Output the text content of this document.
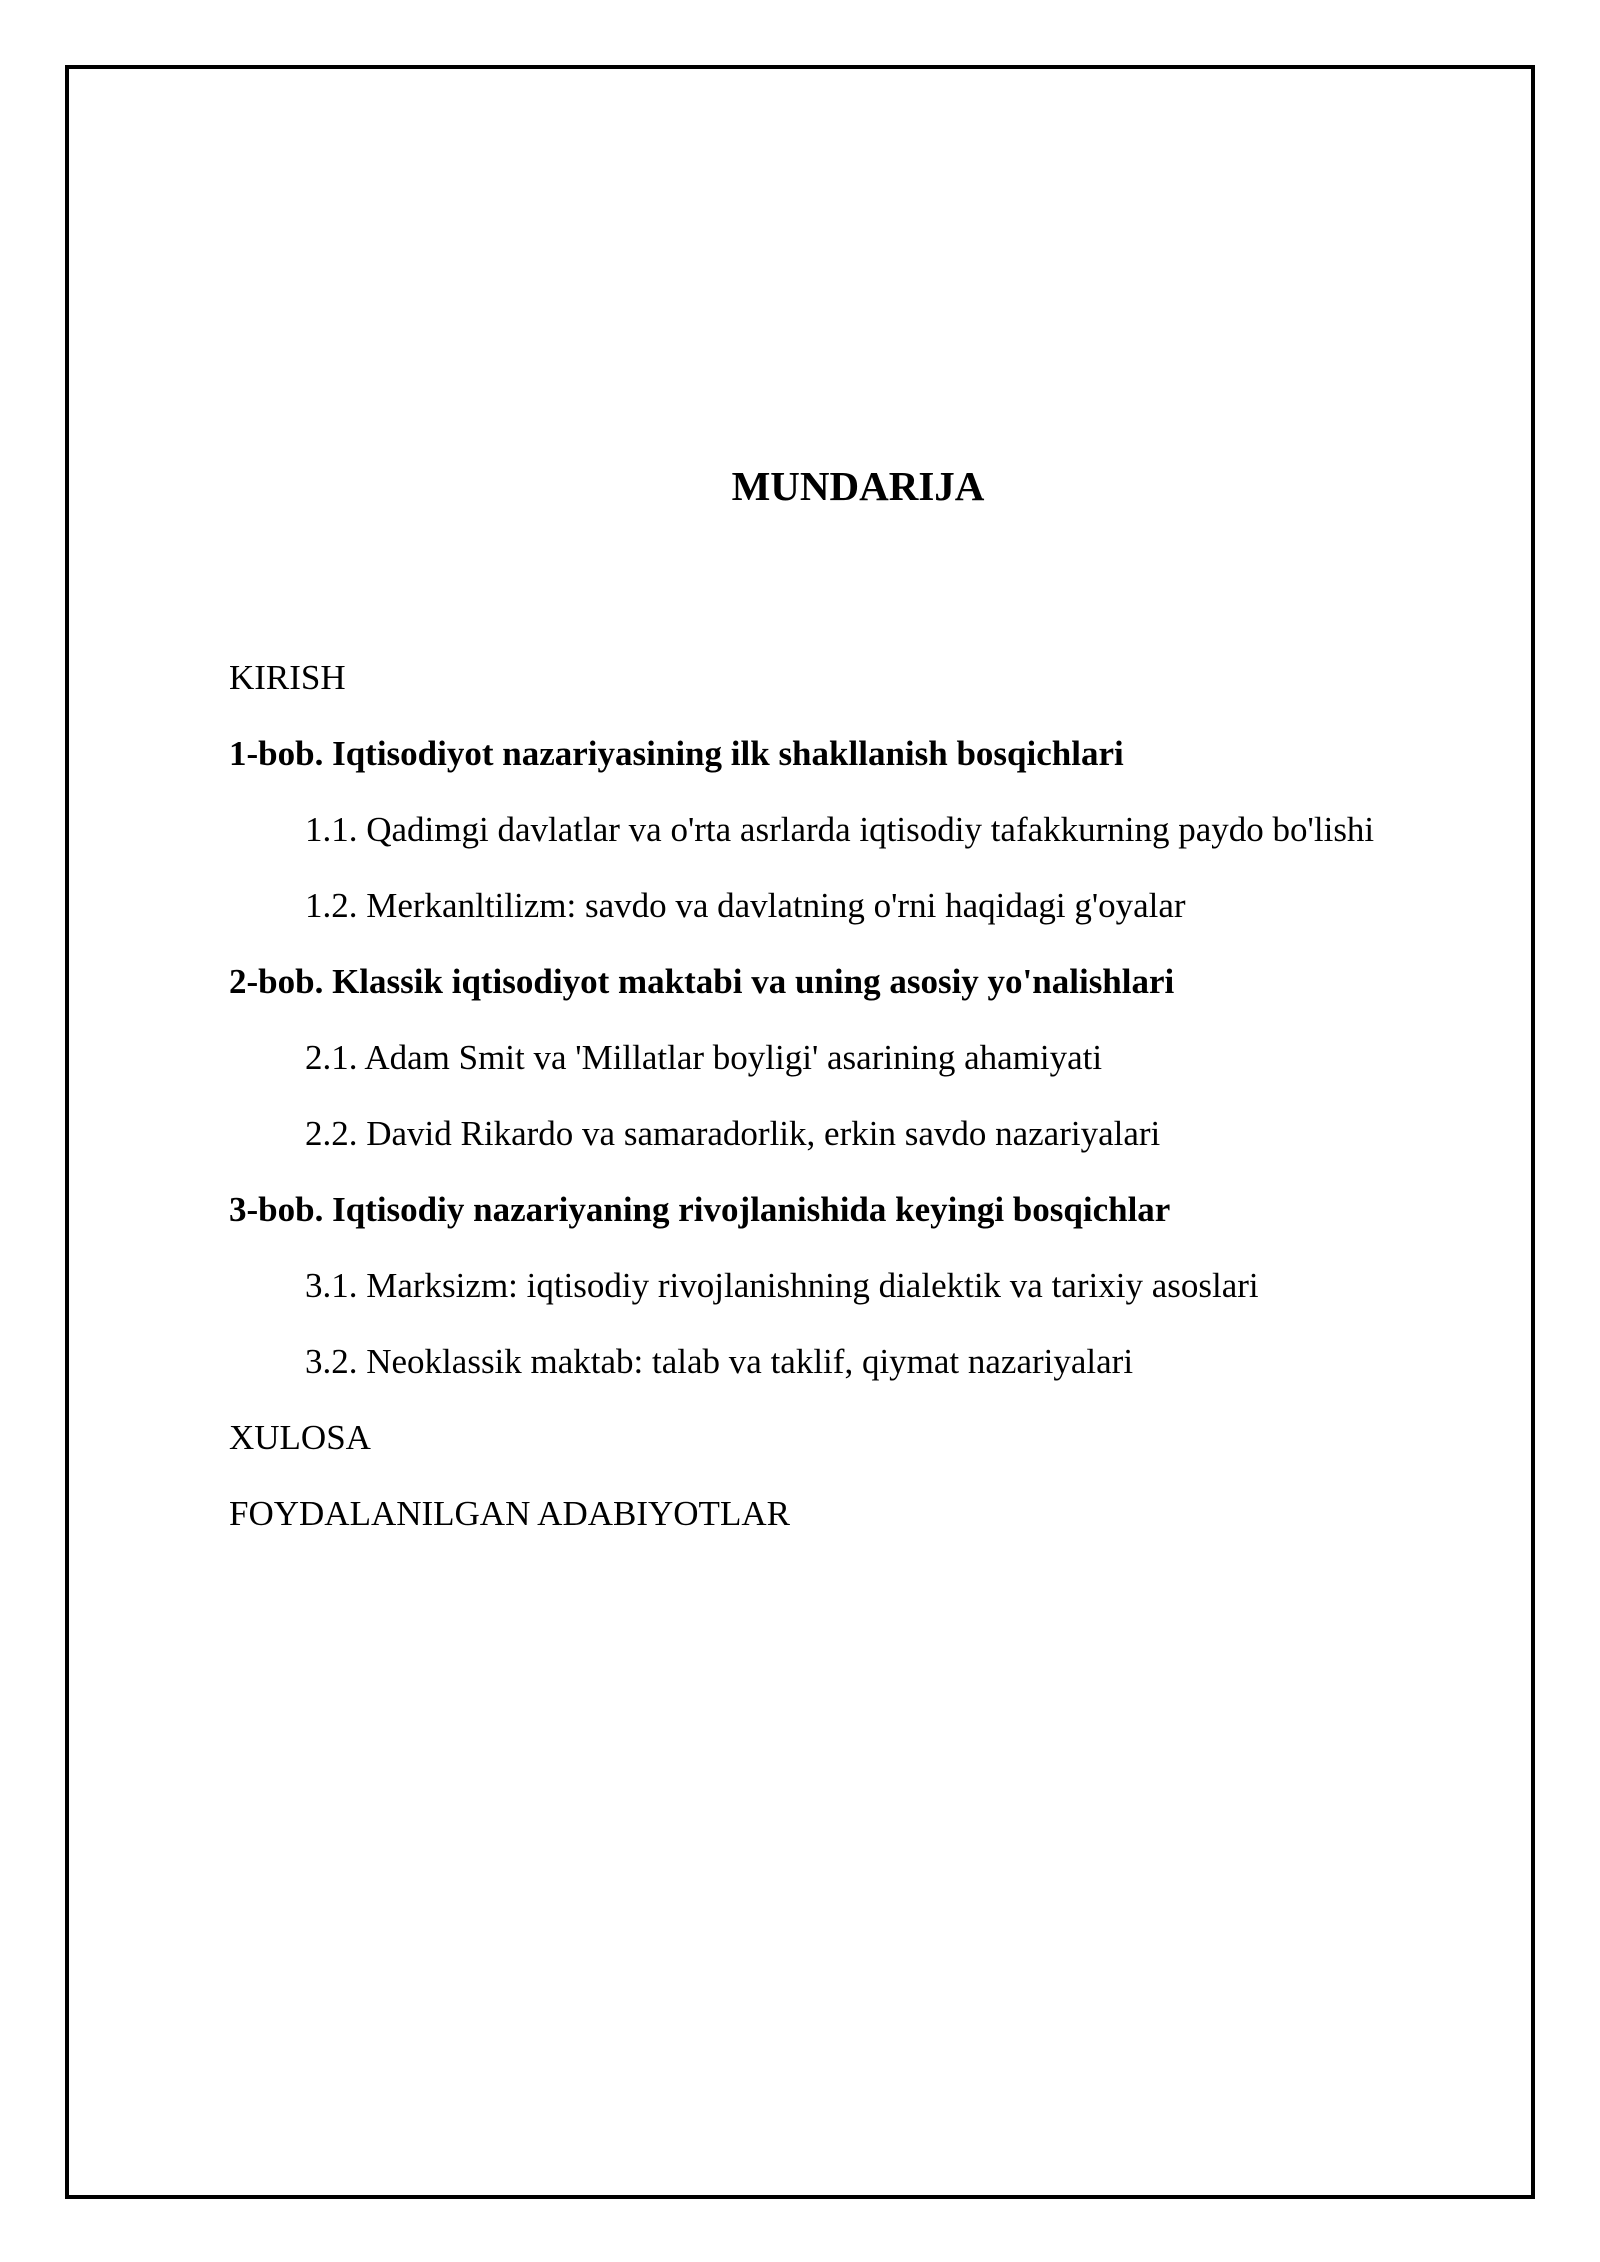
MUNDARIJA
KIRISH
1-bob. Iqtisodiyot nazariyasining ilk shakllanish bosqichlari
1.1. Qadimgi davlatlar va o'rta asrlarda iqtisodiy tafakkurning paydo bo'lishi
1.2. Merkanltilizm: savdo va davlatning o'rni haqidagi g'oyalar
2-bob. Klassik iqtisodiyot maktabi va uning asosiy yo'nalishlari
2.1. Adam Smit va 'Millatlar boyligi' asarining ahamiyati
2.2. David Rikardo va samaradorlik, erkin savdo nazariyalari
3-bob. Iqtisodiy nazariyaning rivojlanishida keyingi bosqichlar
3.1. Marksizm: iqtisodiy rivojlanishning dialektik va tarixiy asoslari
3.2. Neoklassik maktab: talab va taklif, qiymat nazariyalari
XULOSA
FOYDALANILGAN ADABIYOTLAR
